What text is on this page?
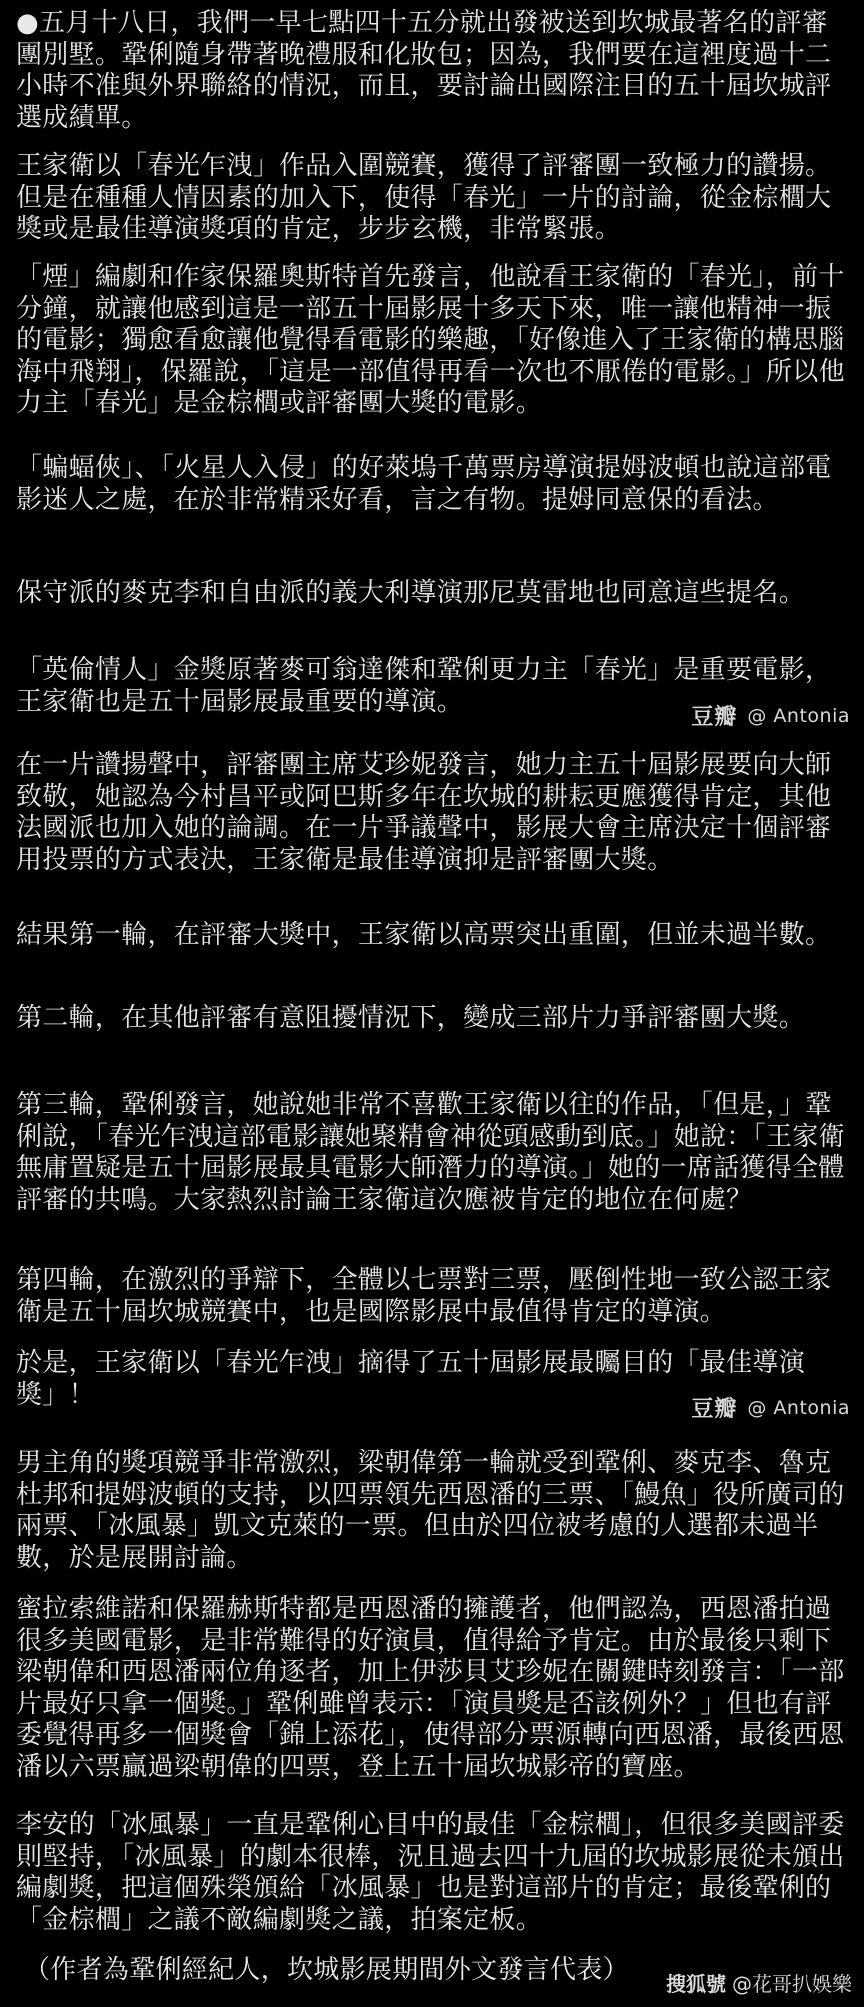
●五月十八日，我們一早七點四十五分就出發被送到坎城最著名的評審團別墅。鞏俐隨身帶著晚禮服和化妝包；因為，我們要在這裡度過十二小時不准與外界聯絡的情況，而且，要討論出國際注目的五十屆坎城評選成績單。

王家衛以「春光乍洩」作品入圍競賽，獲得了評審團一致極力的讚揚。但是在種種人情因素的加入下，使得「春光」一片的討論，從金棕櫚大獎或是最佳導演獎項的肯定，步步玄機，非常緊張。

「煙」編劇和作家保羅奧斯特首先發言，他說看王家衛的「春光」，前十分鐘，就讓他感到這是一部五十屆影展十多天下來，唯一讓他精神一振的電影；獨愈看愈讓他覺得看電影的樂趣，「好像進入了王家衛的構思腦海中飛翔」，保羅說，「這是一部值得再看一次也不厭倦的電影。」所以他力主「春光」是金棕櫚或評審團大獎的電影。

「蝙蝠俠」、「火星人入侵」的好萊塢千萬票房導演提姆波頓也說這部電影迷人之處，在於非常精采好看，言之有物。提姆同意保的看法。

保守派的麥克李和自由派的義大利導演那尼莫雷地也同意這些提名。

「英倫情人」金獎原著麥可翁達傑和鞏俐更力主「春光」是重要電影，王家衛也是五十屆影展最重要的導演。

豆瓣 @ Antonia

在一片讚揚聲中，評審團主席艾珍妮發言，她力主五十屆影展要向大師致敬，她認為今村昌平或阿巴斯多年在坎城的耕耘更應獲得肯定，其他法國派也加入她的論調。在一片爭議聲中，影展大會主席決定十個評審用投票的方式表決，王家衛是最佳導演抑是評審團大獎。

結果第一輪，在評審大獎中，王家衛以高票突出重圍，但並未過半數。

第二輪，在其他評審有意阻擾情況下，變成三部片力爭評審團大獎。

第三輪，鞏俐發言，她說她非常不喜歡王家衛以往的作品，「但是，」鞏俐說，「春光乍洩這部電影讓她聚精會神從頭感動到底。」她說：「王家衛無庸置疑是五十屆影展最具電影大師潛力的導演。」她的一席話獲得全體評審的共鳴。大家熱烈討論王家衛這次應被肯定的地位在何處？

第四輪，在激烈的爭辯下，全體以七票對三票，壓倒性地一致公認王家衛是五十屆坎城競賽中，也是國際影展中最值得肯定的導演。

於是，王家衛以「春光乍洩」摘得了五十屆影展最矚目的「最佳導演獎」！	豆瓣 @ Antonia

男主角的獎項競爭非常激烈，梁朝偉第一輪就受到鞏俐、麥克李、魯克杜邦和提姆波頓的支持，以四票領先西恩潘的三票、「鰻魚」役所廣司的兩票、「冰風暴」凱文克萊的一票。但由於四位被考慮的人選都未過半數，於是展開討論。

蜜拉索維諾和保羅赫斯特都是西恩潘的擁護者，他們認為，西恩潘拍過很多美國電影，是非常難得的好演員，值得給予肯定。由於最後只剩下梁朝偉和西恩潘兩位角逐者，加上伊莎貝艾珍妮在關鍵時刻發言：「一部片最好只拿一個獎。」鞏俐雖曾表示：「演員獎是否該例外？」但也有評委覺得再多一個獎會「錦上添花」，使得部分票源轉向西恩潘，最後西恩潘以六票贏過梁朝偉的四票，登上五十屆坎城影帝的寶座。

李安的「冰風暴」一直是鞏俐心目中的最佳「金棕櫚」，但很多美國評委則堅持，「冰風暴」的劇本很棒，況且過去四十九屆的坎城影展從未頒出編劇獎，把這個殊榮頒給「冰風暴」也是對這部片的肯定；最後鞏俐的「金棕櫚」之議不敵編劇獎之議，拍案定板。

（作者為鞏俐經紀人，坎城影展期間外文發言代表）	搜狐號 @花哥扒娛樂
